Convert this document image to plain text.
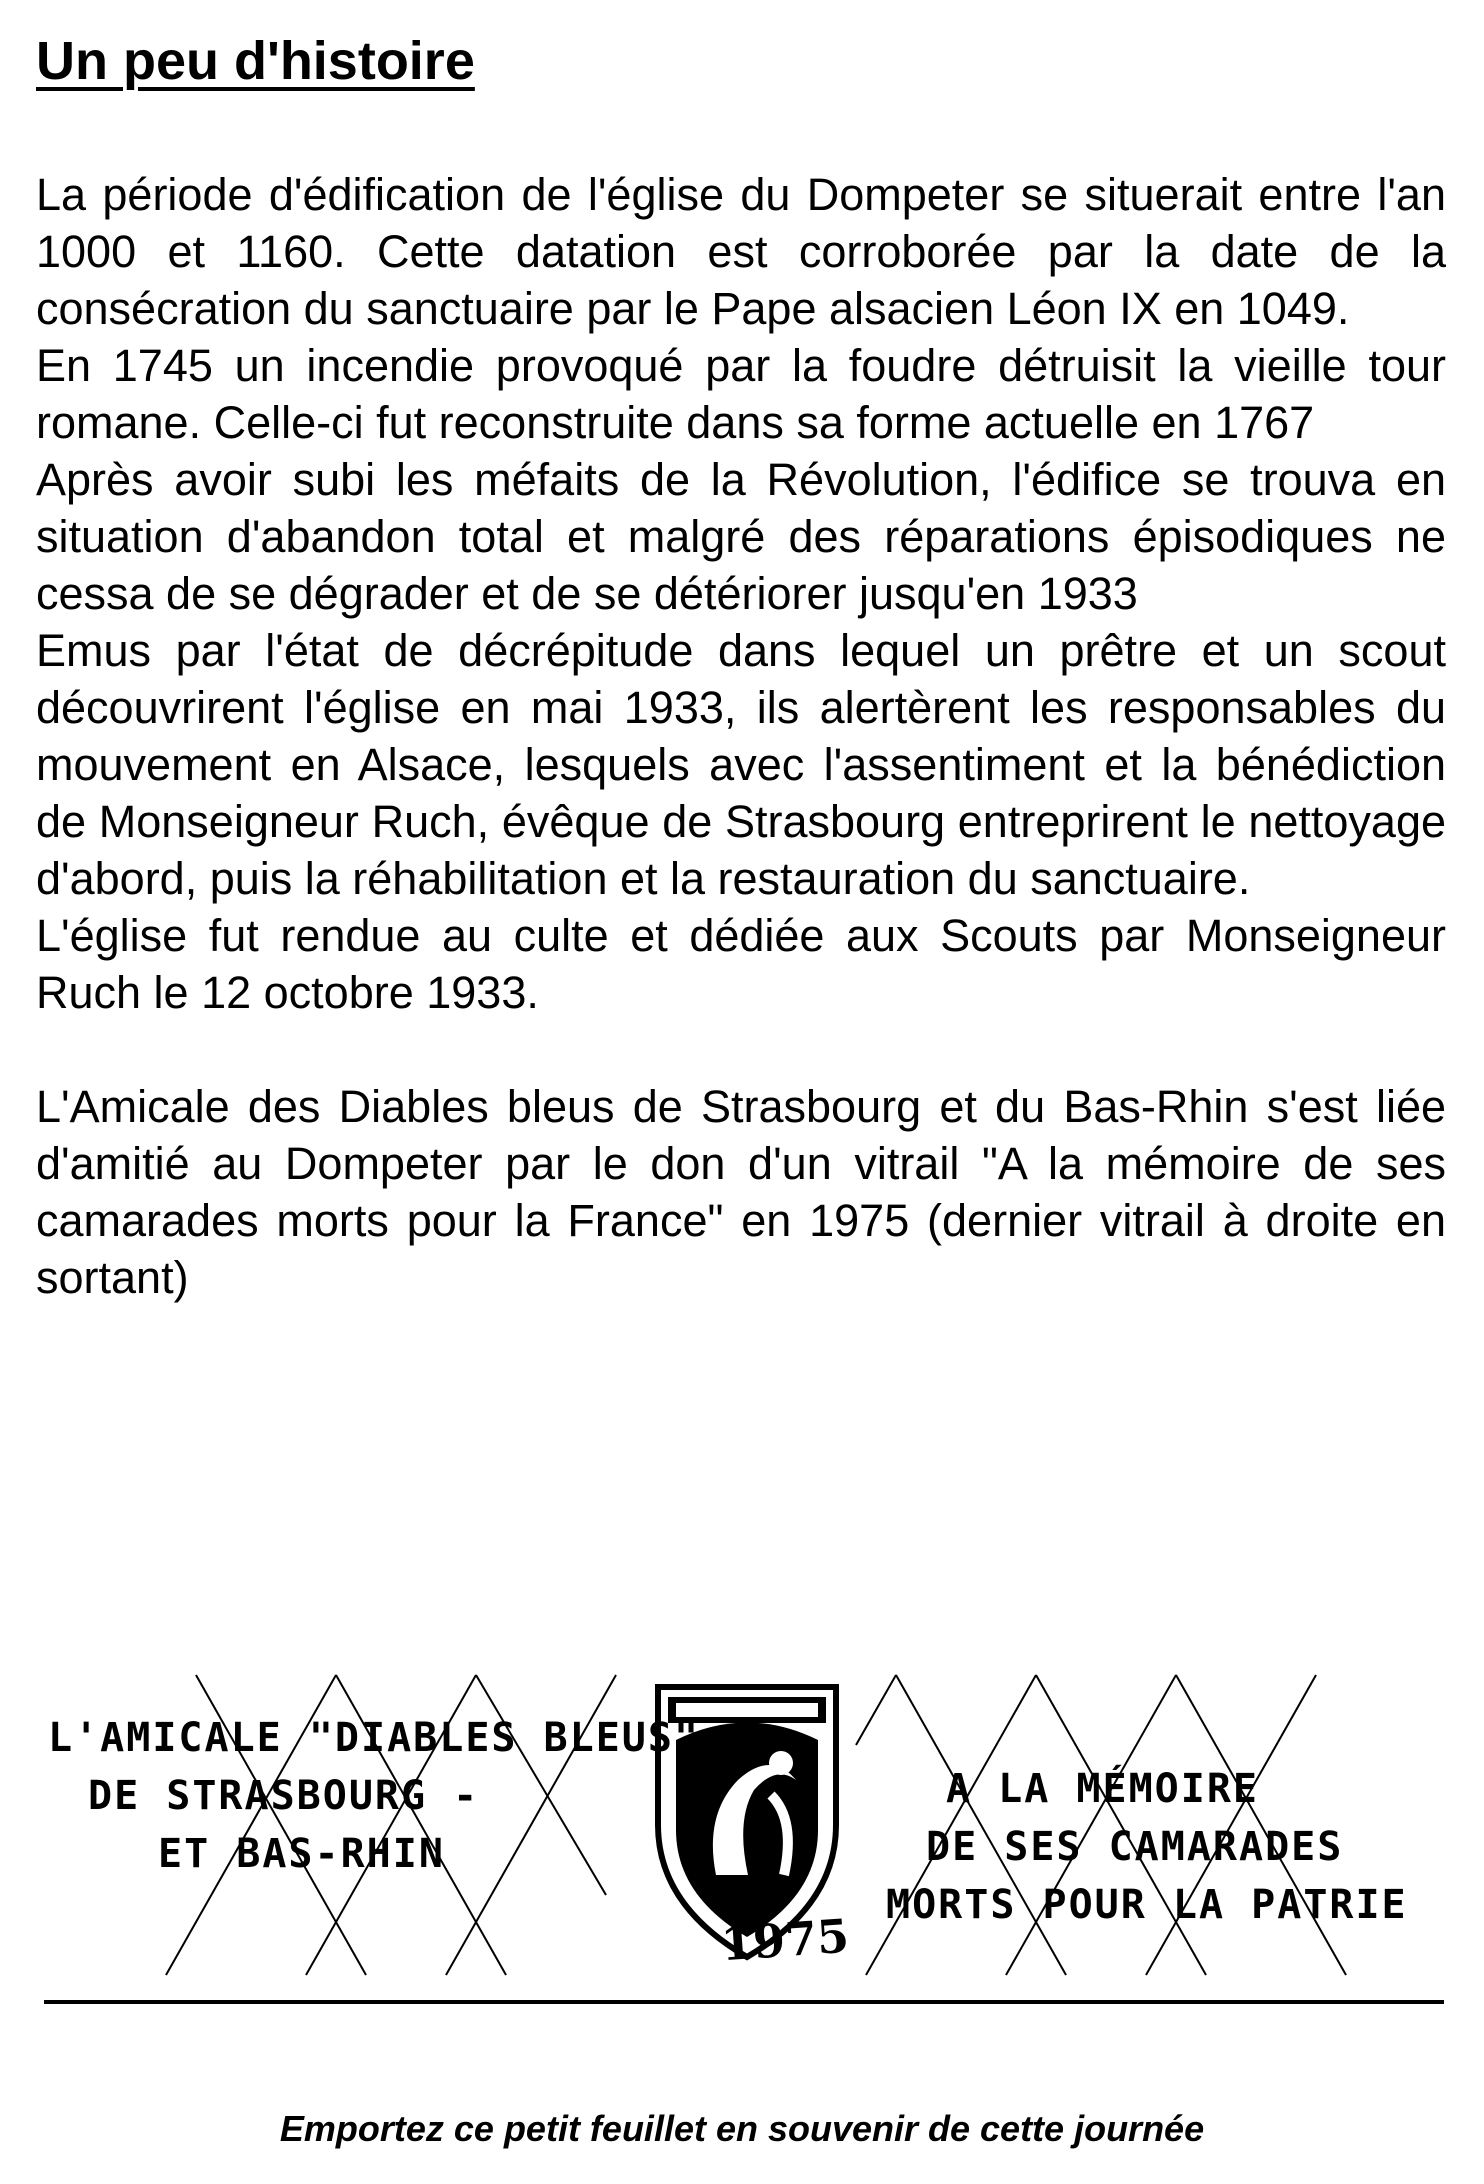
Un peu d'histoire

La période d'édification de l'église du Dompeter se situerait entre l'an 1000 et 1160. Cette datation est corroborée par la date de la consécration du sanctuaire par le Pape alsacien Léon IX en 1049.

En 1745 un incendie provoqué par la foudre détruisit la vieille tour romane. Celle-ci fut reconstruite dans sa forme actuelle en 1767

Après avoir subi les méfaits de la Révolution, l'édifice se trouva en situation d'abandon total et malgré des réparations épisodiques ne cessa de se dégrader et de se détériorer jusqu'en 1933

Emus par l'état de décrépitude dans lequel un prêtre et un scout découvrirent l'église en mai 1933, ils alertèrent les responsables du mouvement en Alsace, lesquels avec l'assentiment et la bénédiction de Monseigneur Ruch, évêque de Strasbourg entreprirent le nettoyage d'abord, puis la réhabilitation et la restauration du sanctuaire.

L'église fut rendue au culte et dédiée aux Scouts par Monseigneur Ruch le 12 octobre 1933.

L'Amicale des Diables bleus de Strasbourg et du Bas-Rhin s'est liée d'amitié au Dompeter par le don d'un vitrail "A la mémoire de ses camarades morts pour la France" en 1975 (dernier vitrail à droite en sortant)

L'AMICALE "DIABLES BLEUS"
DE STRASBOURG -
ET BAS-RHIN
A LA MÉMOIRE
DE SES CAMARADES
MORTS POUR LA PATRIE
1975
Emportez ce petit feuillet en souvenir de cette journée
